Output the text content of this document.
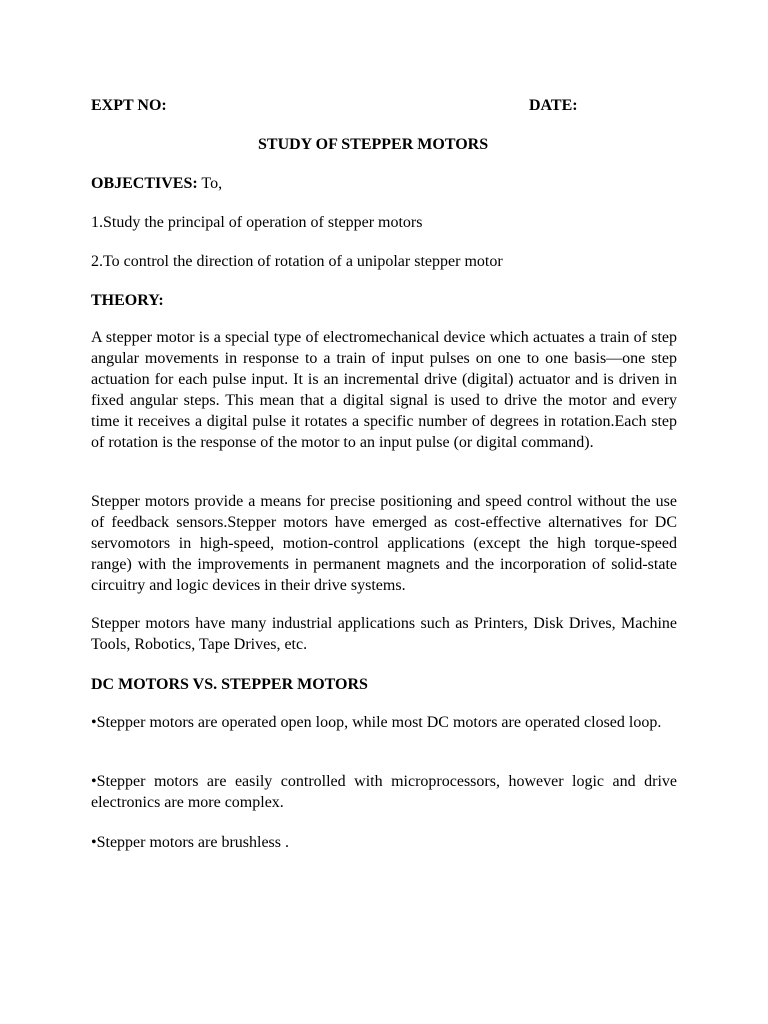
EXPT NO:	DATE:
STUDY OF STEPPER MOTORS
OBJECTIVES: To,
1.Study the principal of operation of stepper motors
2.To control the direction of rotation of a unipolar stepper motor
THEORY:

A stepper motor is a special type of electromechanical device which actuates a train of step angular movements in response to a train of input pulses on one to one basis—one step actuation for each pulse input. It is an incremental drive (digital) actuator and is driven in fixed angular steps. This mean that a digital signal is used to drive the motor and every time it receives a digital pulse it rotates a specific number of degrees in rotation.Each step of rotation is the response of the motor to an input pulse (or digital command).

Stepper motors provide a means for precise positioning and speed control without the use of feedback sensors.Stepper motors have emerged as cost-effective alternatives for DC servomotors in high-speed, motion-control applications (except the high torque-speed range) with the improvements in permanent magnets and the incorporation of solid-state circuitry and logic devices in their drive systems.

Stepper motors have many industrial applications such as Printers, Disk Drives, Machine Tools, Robotics, Tape Drives, etc.

DC MOTORS VS. STEPPER MOTORS

•Stepper motors are operated open loop, while most DC motors are operated closed loop.

•Stepper motors are easily controlled with microprocessors, however logic and drive electronics are more complex.

•Stepper motors are brushless .
